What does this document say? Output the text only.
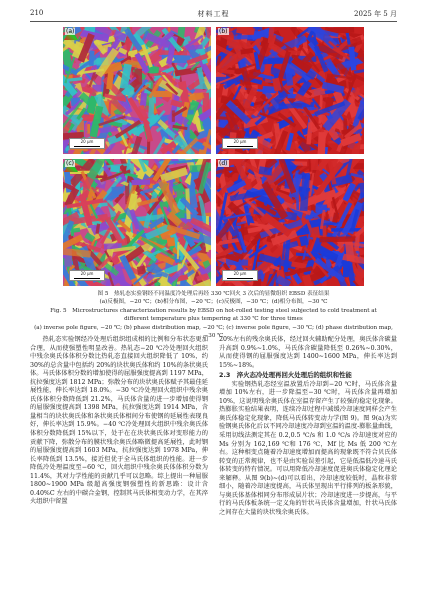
210	材料工程	2025 年 5 月
(a)
20 μm
(b)
20 μm
(c)
20 μm
(d)
20 μm
图 5　热轧态实验钢经不同温度冷处理后再经 330 ℃回火 3 次后的显微组织 EBSD 表征结果
(a)反极图，−20 ℃；(b)相分布图，−20 ℃；(c)反极图，−30 ℃；(d)相分布图，−30 ℃
Fig. 5　Microstructures characterization results by EBSD on hot-rolled testing steel subjected to cold treatment at
different temperature plus tempering at 330 ℃ for three times
(a) inverse pole figure, −20 ℃; (b) phase distribution map, −20 ℃; (c) inverse pole figure, −30 ℃; (d) phase distribution map, −30 ℃

热轧态实验钢经冷处理后组织组成相的比例和分布状态更加合理，从而使强塑性明显改善。热轧态−20 ℃冷处理回火组织中残余奥氏体体积分数比热轧态直接回火组织降低了 10%，约 30%的总含量中包括约 20%的块状奥氏体和约 10%的条状奥氏体。马氏体体积分数的增加使得的屈服强度提高到 1197 MPa，抗拉强度达到 1812 MPa；弥散分布的块状奥氏体赋予其最佳延展性能，伸长率达到 18.0%。−30 ℃冷处理回火组织中残余奥氏体体积分数降低到 21.2%，马氏体含量的进一步增加使得钢的屈服强度提高到 1398 MPa，抗拉强度达到 1914 MPa，含量相当的块状奥氏体和条状奥氏体相间分布使钢的延展性表现良好，伸长率达到 15.9%。−40 ℃冷处理回火组织中残余奥氏体体积分数降低到 15%以下，处于在在块状奥氏体对变形能力的贡献下降，弥散分布的膜状残余奥氏体略微提高延展性，此时钢的屈服强度提高到 1603 MPa，抗拉强度达到 1978 MPa，伸长率降低到 13.5%，接近但优于全马氏体组织的性能。进一步降低冷处理温度至−60 ℃，回火组织中残余奥氏体体积分数为 11.4%，其对力学性能的贡献几乎可以忽略。综上提出一种屈服 1800~1900 MPa 级超高强度钢强塑性的新思路：设计含 0.40%C 左右的中碳合金钢，控制其马氏体相变动力学，在其淬火组织中留置

20%左右的残余奥氏体，经过回火辅助配分处理，奥氏体含碳量升高到 0.9%~1.0%，马氏体含碳量降低至 0.26%~0.30%，从而使得钢的屈服强度达到 1400~1600 MPa，伸长率达到 15%~18%。

2.3　淬火态冷处理再回火处理后的组织和性能

实验钢热轧态经室温放置后冷却到−20 ℃时，马氏体含量增加 10%左右，进一步降温至−30 ℃时，马氏体含量再增加 10%，这说明残余奥氏体在室温存留产生了较强的稳定化现象。热膨胀实验结果表明，连续冷却过程中减缓冷却速度同样会产生奥氏体稳定化现象，降低马氏体转变动力学(图 9)。图 9(a)为实验钢奥氏体化后以不同冷却速度冷却到室温的温度-膨胀量曲线，采用切线法测定其在 0.2,0.5 ℃/s 和 1.0 ℃/s 冷却速度对应的 Ms 分别为 162,169 ℃和 176 ℃，Mf 比 Ms 低 200 ℃左右。这种相变点随着冷却速度增加而提高的现象既不符合贝氏体转变的正常规律，也不是由实验误差引起，它是低温低冷速马氏体转变的特有情况。可以用降低冷却速度促进奥氏体稳定化理论来解释。从图 9(b)~(d)可以看出，冷却速度较低时，晶粒非常细小，随着冷却速度提高，马氏体呈现出平行排列的板条形貌，与奥氏体基体相同分布形成层片状；冷却速度进一步提高，与平行的马氏体板条统一定义角的针状马氏体含量增加，针状马氏体之间存在大量的块状残余奥氏体。
